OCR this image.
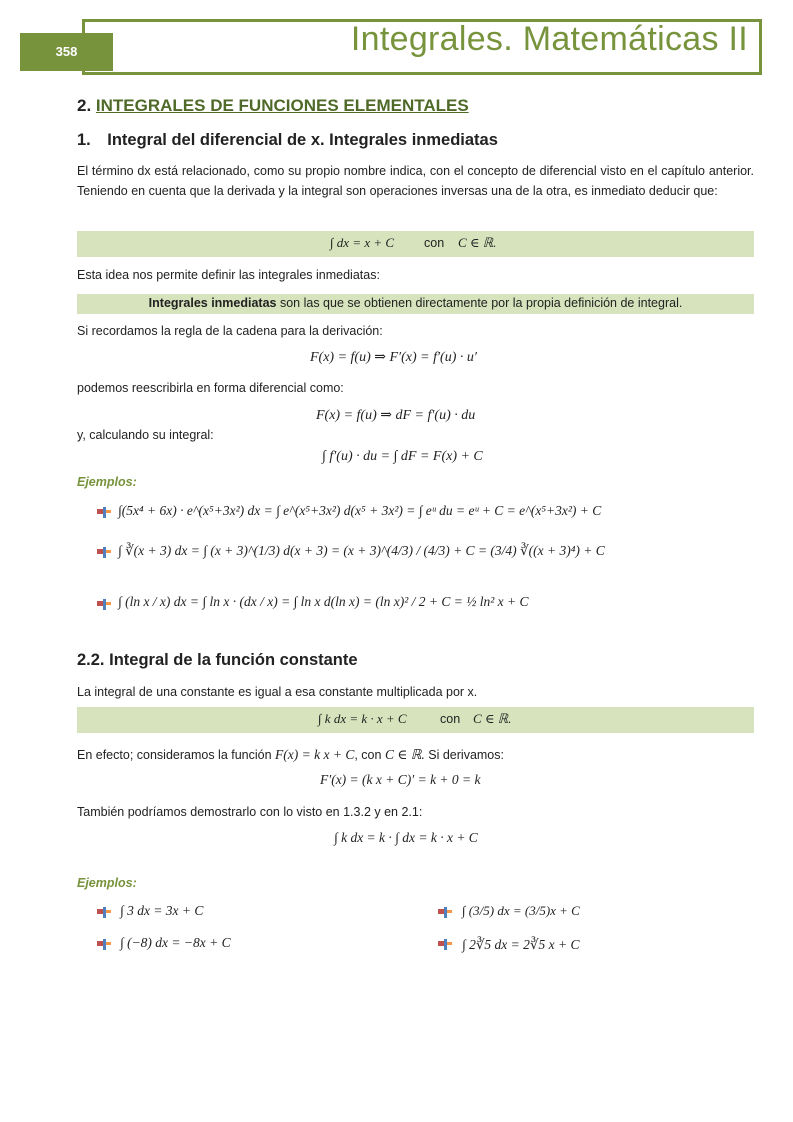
358	Integrales. Matemáticas II
2. INTEGRALES DE FUNCIONES ELEMENTALES
1. Integral del diferencial de x. Integrales inmediatas
El término dx está relacionado, como su propio nombre indica, con el concepto de diferencial visto en el capítulo anterior. Teniendo en cuenta que la derivada y la integral son operaciones inversas una de la otra, es inmediato deducir que:
∫ dx = x + C con C ∈ ℝ.
Esta idea nos permite definir las integrales inmediatas:
Integrales inmediatas son las que se obtienen directamente por la propia definición de integral.
Si recordamos la regla de la cadena para la derivación:
F(x) = f(u) ⇒ F′(x) = f′(u) · u′
podemos reescribirla en forma diferencial como:
F(x) = f(u) ⇒ dF = f′(u) · du
y, calculando su integral:
∫ f′(u) · du = ∫ dF = F(x) + C
Ejemplos:
∫(5x⁴ + 6x) · e^(x⁵+3x²) dx = ∫ e^(x⁵+3x²) d(x⁵ + 3x²) = ∫ eᵘ du = eᵘ + C = e^(x⁵+3x²) + C
∫ ∛(x + 3) dx = ∫ (x + 3)^(1/3) d(x + 3) = (x + 3)^(4/3) / (4/3) + C = (3/4) ∛((x + 3)⁴) + C
∫ (ln x / x) dx = ∫ ln x · (dx / x) = ∫ ln x d(ln x) = (ln x)² / 2 + C = ½ ln² x + C
2.2. Integral de la función constante
La integral de una constante es igual a esa constante multiplicada por x.
∫ k dx = k · x + C	con C ∈ ℝ.
En efecto; consideramos la función F(x) = k x + C, con C ∈ ℝ. Si derivamos:
F′(x) = (k x + C)′ = k + 0 = k
También podríamos demostrarlo con lo visto en 1.3.2 y en 2.1:
∫ k dx = k · ∫ dx = k · x + C
Ejemplos:
∫ 3 dx = 3x + C
∫ (−8) dx = −8x + C
∫ (3/5) dx = (3/5)x + C
∫ 2∛5 dx = 2∛5 x + C
